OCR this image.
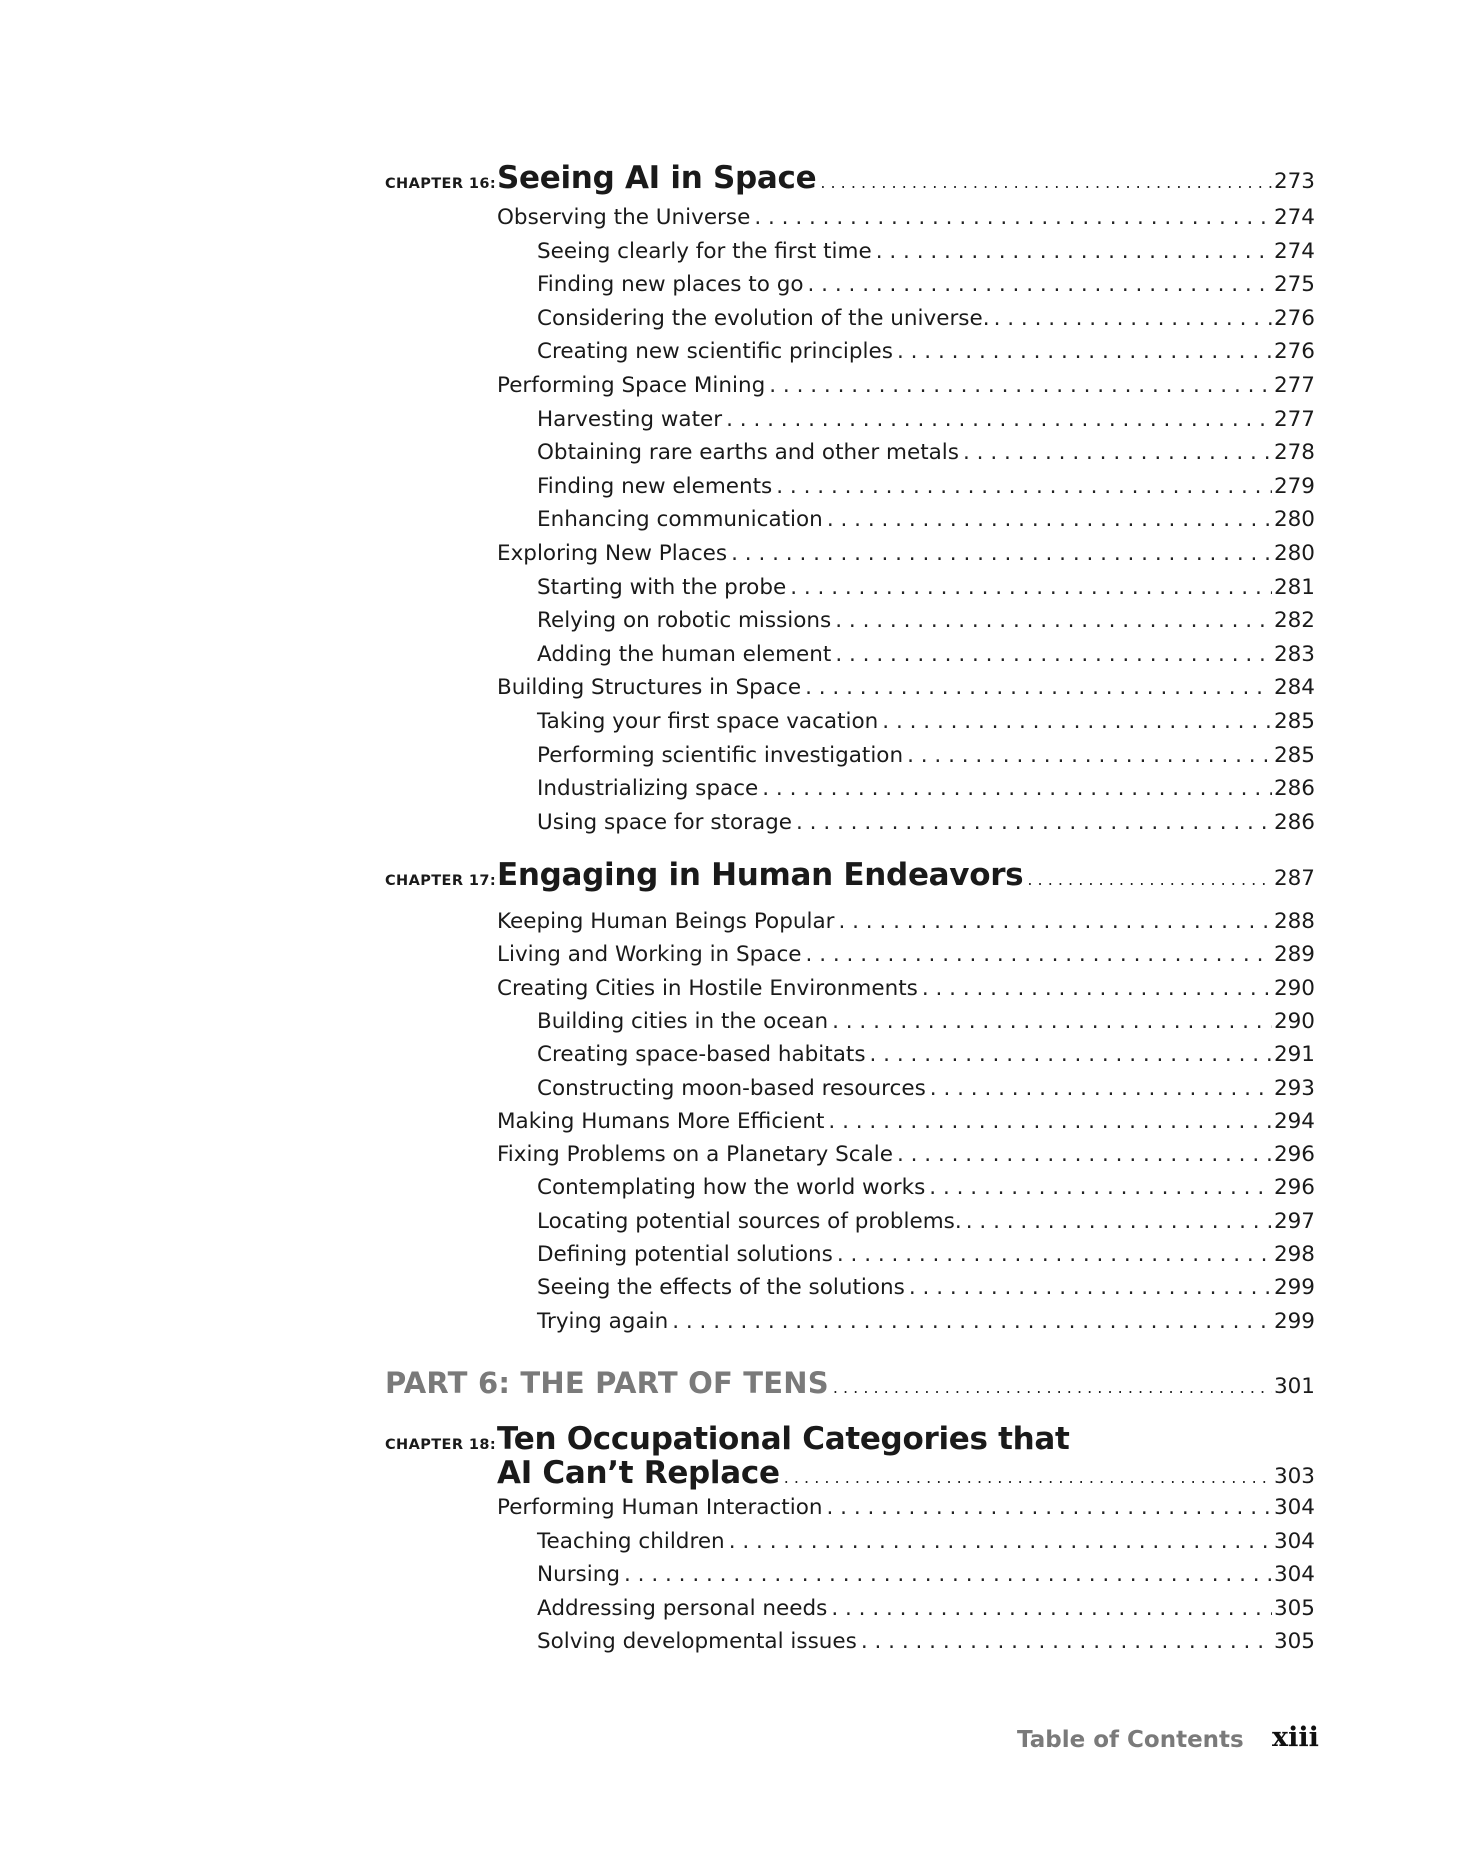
CHAPTER 16: Seeing AI in Space . . .	273
Observing the Universe . . .	274
Seeing clearly for the first time . . .	274
Finding new places to go . . .	275
Considering the evolution of the universe. . . .	276
Creating new scientific principles . . .	276
Performing Space Mining . . .	277
Harvesting water . . .	277
Obtaining rare earths and other metals . . .	278
Finding new elements . . .	279
Enhancing communication . . .	280
Exploring New Places . . .	280
Starting with the probe . . .	281
Relying on robotic missions . . .	282
Adding the human element . . .	283
Building Structures in Space . . .	284
Taking your first space vacation . . .	285
Performing scientific investigation . . .	285
Industrializing space . . .	286
Using space for storage . . .	286
CHAPTER 17: Engaging in Human Endeavors . . .	287
Keeping Human Beings Popular . . .	288
Living and Working in Space . . .	289
Creating Cities in Hostile Environments . . .	290
Building cities in the ocean . . .	290
Creating space-based habitats . . .	291
Constructing moon-based resources . . .	293
Making Humans More Efficient . . .	294
Fixing Problems on a Planetary Scale . . .	296
Contemplating how the world works . . .	296
Locating potential sources of problems. . . .	297
Defining potential solutions . . .	298
Seeing the effects of the solutions . . .	299
Trying again . . .	299
PART 6: THE PART OF TENS . . .	301
CHAPTER 18: Ten Occupational Categories that
AI Can’t Replace . . .	303
Performing Human Interaction . . .	304
Teaching children . . .	304
Nursing . . .	304
Addressing personal needs . . .	305
Solving developmental issues . . .	305
Table of Contents xiii
